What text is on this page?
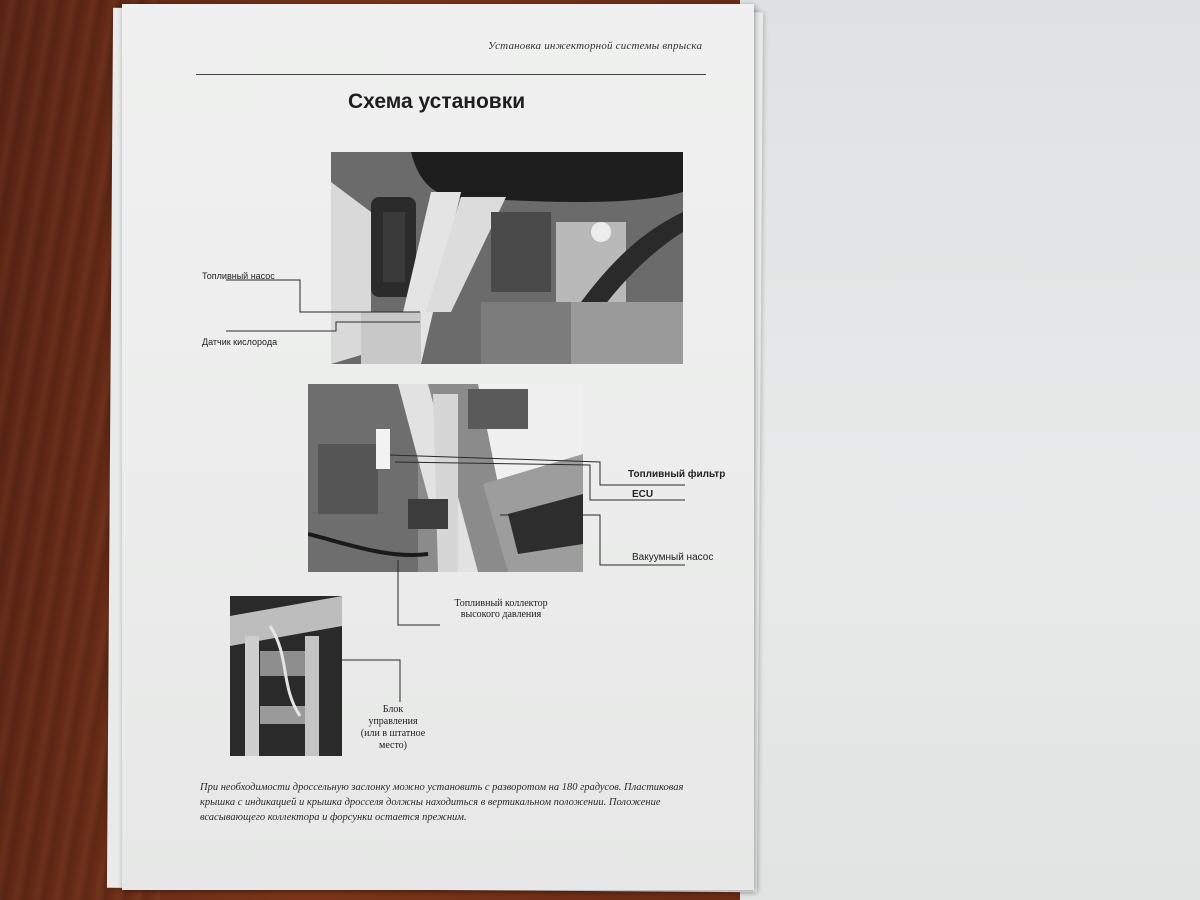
Установка инжекторной системы впрыска
Схема установки
Топливный насос
Датчик кислорода
Топливный фильтр
ECU
Вакуумный насос
Топливный коллектор
высокого давления
Блок
управления
(или в штатное
место)
При необходимости дроссельную заслонку можно установить с разворотом на 180 градусов. Пластиковая крышка с индикацией и крышка дросселя должны находиться в вертикальном положении. Положение всасывающего коллектора и форсунки остается прежним.
